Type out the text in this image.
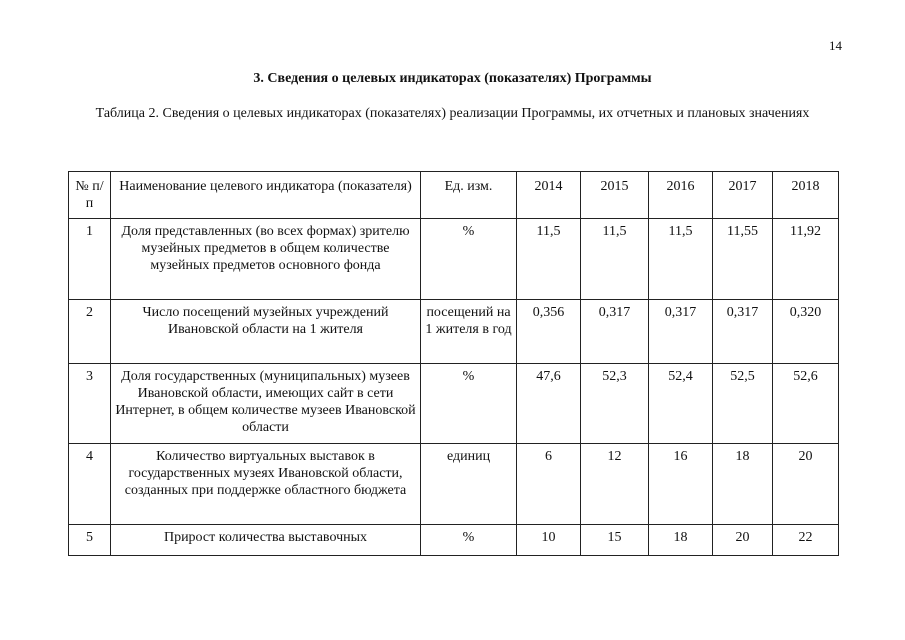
14
3. Сведения о целевых индикаторах (показателях) Программы
Таблица 2. Сведения о целевых индикаторах (показателях) реализации Программы, их отчетных и плановых значениях
№ п/п	Наименование целевого индикатора (показателя)	Ед. изм.	2014	2015	2016	2017	2018
1	Доля представленных (во всех формах) зрителю музейных предметов в общем количестве музейных предметов основного фонда	%	11,5	11,5	11,5	11,55	11,92
2	Число посещений музейных учреждений Ивановской области на 1 жителя	посещений на 1 жителя в год	0,356	0,317	0,317	0,317	0,320
3	Доля государственных (муниципальных) музеев Ивановской области, имеющих сайт в сети Интернет, в общем количестве музеев Ивановской области	%	47,6	52,3	52,4	52,5	52,6
4	Количество виртуальных выставок в государственных музеях Ивановской области, созданных при поддержке областного бюджета	единиц	6	12	16	18	20
5	Прирост количества выставочных	%	10	15	18	20	22
